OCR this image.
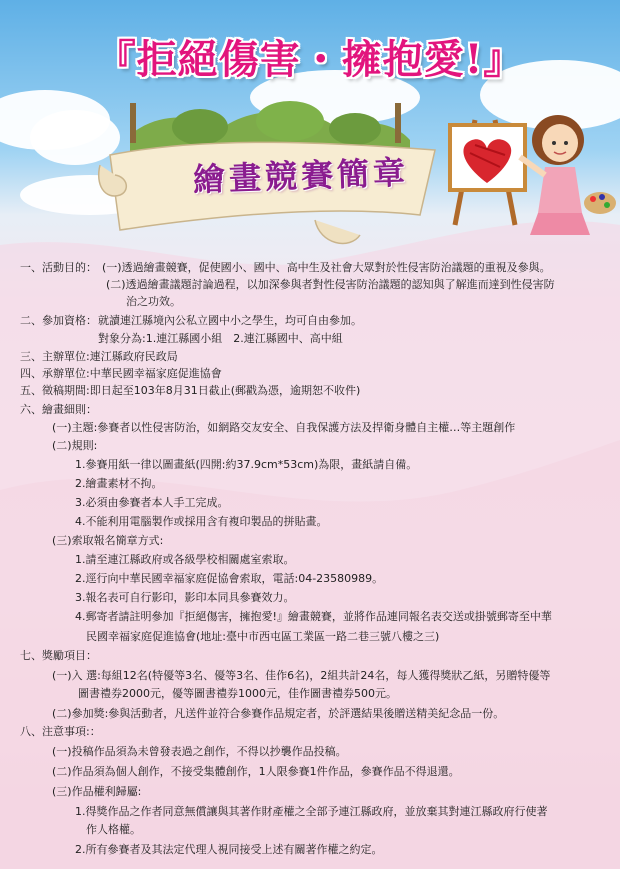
『拒絕傷害・擁抱愛!』
繪畫競賽簡章
一、活動目的： (一)透過繪畫競賽，促使國小、國中、高中生及社會大眾對於性侵害防治議題的重視及參與。
(二)透過繪畫議題討論過程，以加深參與者對性侵害防治議題的認知與了解進而達到性侵害防
治之功效。
二、參加資格： 就讀連江縣境內公私立國中小之學生，均可自由參加。
對象分為:1.連江縣國小組　2.連江縣國中、高中組
三、主辦單位:連江縣政府民政局
四、承辦單位:中華民國幸福家庭促進協會
五、徵稿期間:即日起至103年8月31日截止(郵戳為憑，逾期恕不收件)
六、繪畫細則：
(一)主題:參賽者以性侵害防治，如網路交友安全、自我保護方法及捍衛身體自主權…等主題創作
(二)規則:
1.參賽用紙一律以圖畫紙(四開:約37.9cm*53cm)為限，畫紙請自備。
2.繪畫素材不拘。
3.必須由參賽者本人手工完成。
4.不能利用電腦製作或採用含有複印製品的拼貼畫。
(三)索取報名簡章方式:
1.請至連江縣政府或各級學校相關處室索取。
2.逕行向中華民國幸福家庭促協會索取，電話:04-23580989。
3.報名表可自行影印，影印本同具參賽效力。
4.郵寄者請註明參加『拒絕傷害，擁抱愛!』繪畫競賽，並將作品連同報名表交送或掛號郵寄至中華
民國幸福家庭促進協會(地址:臺中市西屯區工業區一路二巷三號八樓之三)
七、獎勵項目：
(一)入 選:每組12名(特優等3名、優等3名、佳作6名)，2組共計24名，每人獲得獎狀乙紙，另贈特優等
圖書禮券2000元，優等圖書禮券1000元，佳作圖書禮券500元。
(二)參加獎:參與活動者，凡送件並符合參賽作品規定者，於評選結果後贈送精美紀念品一份。
八、注意事項:：
(一)投稿作品須為未曾發表過之創作，不得以抄襲作品投稿。
(二)作品須為個人創作，不接受集體創作，1人限參賽1件作品，參賽作品不得退還。
(三)作品權利歸屬:
1.得獎作品之作者同意無償讓與其著作財產權之全部予連江縣政府，並放棄其對連江縣政府行使著
作人格權。
2.所有參賽者及其法定代理人視同接受上述有關著作權之約定。
